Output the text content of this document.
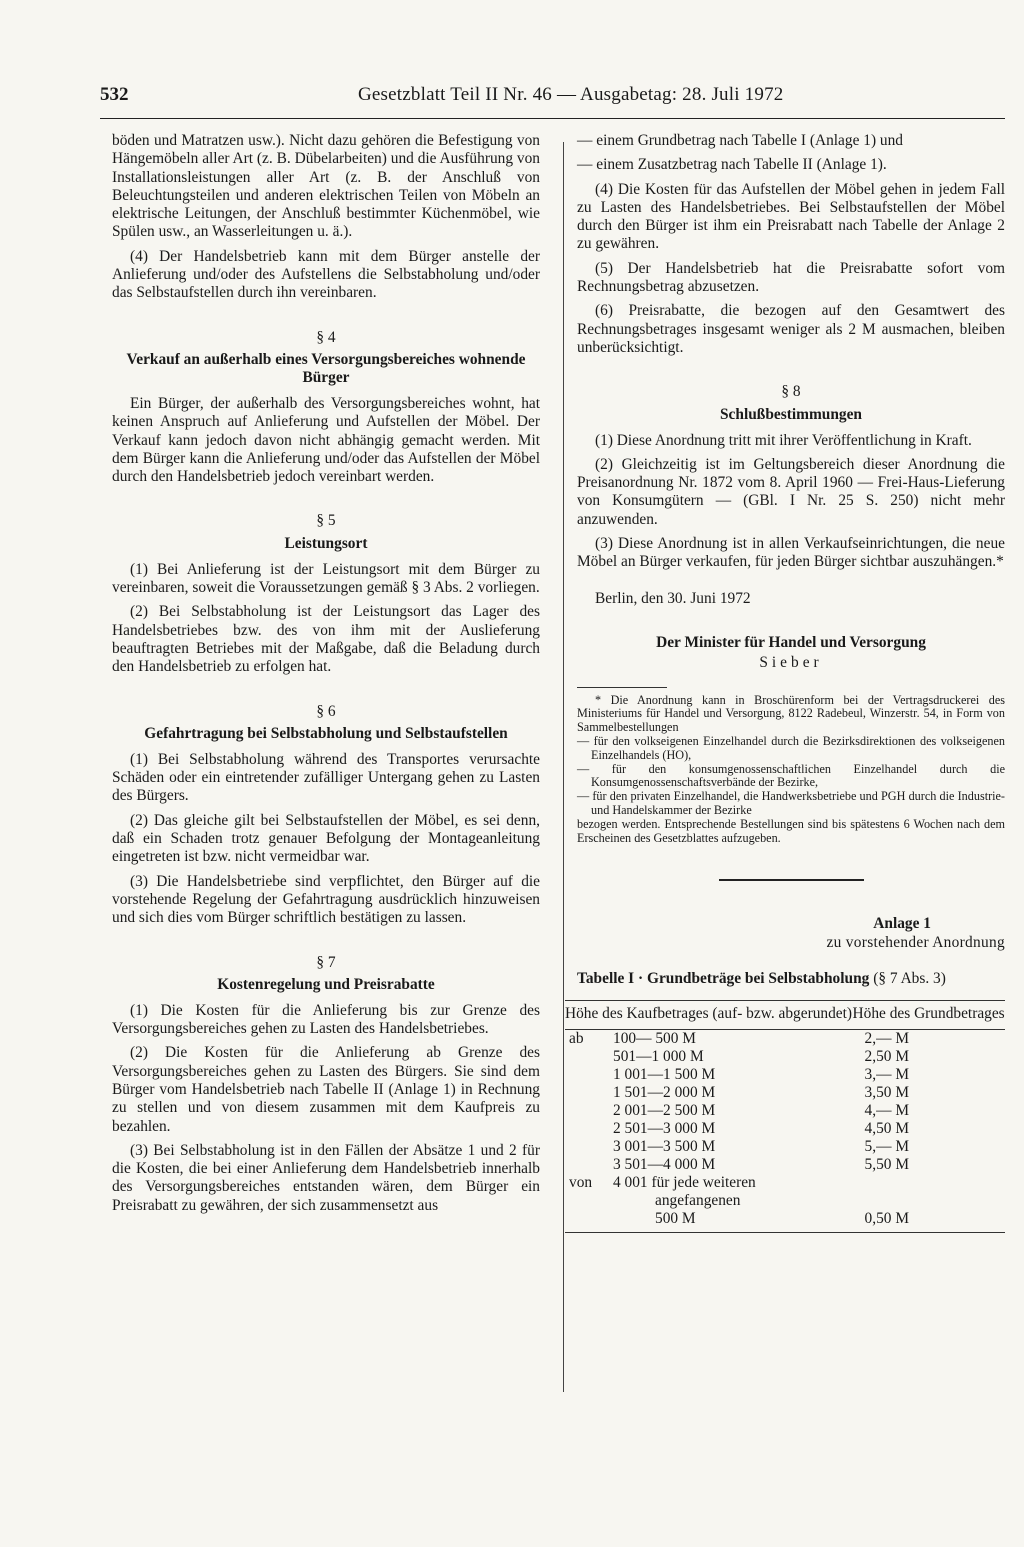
532	Gesetzblatt Teil II Nr. 46 — Ausgabetag: 28. Juli 1972

böden und Matratzen usw.). Nicht dazu gehören die Befestigung von Hängemöbeln aller Art (z. B. Dübelarbeiten) und die Ausführung von Installationsleistungen aller Art (z. B. der Anschluß von Beleuchtungsteilen und anderen elektrischen Teilen von Möbeln an elektrische Leitungen, der Anschluß bestimmter Küchenmöbel, wie Spülen usw., an Wasserleitungen u. ä.).

(4) Der Handelsbetrieb kann mit dem Bürger anstelle der Anlieferung und/oder des Aufstellens die Selbstabholung und/oder das Selbstaufstellen durch ihn vereinbaren.

§ 4
Verkauf an außerhalb eines Versorgungsbereiches wohnende Bürger

Ein Bürger, der außerhalb des Versorgungsbereiches wohnt, hat keinen Anspruch auf Anlieferung und Aufstellen der Möbel. Der Verkauf kann jedoch davon nicht abhängig gemacht werden. Mit dem Bürger kann die Anlieferung und/oder das Aufstellen der Möbel durch den Handelsbetrieb jedoch vereinbart werden.

§ 5
Leistungsort

(1) Bei Anlieferung ist der Leistungsort mit dem Bürger zu vereinbaren, soweit die Voraussetzungen gemäß § 3 Abs. 2 vorliegen.

(2) Bei Selbstabholung ist der Leistungsort das Lager des Handelsbetriebes bzw. des von ihm mit der Auslieferung beauftragten Betriebes mit der Maßgabe, daß die Beladung durch den Handelsbetrieb zu erfolgen hat.

§ 6
Gefahrtragung bei Selbstabholung und Selbstaufstellen

(1) Bei Selbstabholung während des Transportes verursachte Schäden oder ein eintretender zufälliger Untergang gehen zu Lasten des Bürgers.

(2) Das gleiche gilt bei Selbstaufstellen der Möbel, es sei denn, daß ein Schaden trotz genauer Befolgung der Montageanleitung eingetreten ist bzw. nicht vermeidbar war.

(3) Die Handelsbetriebe sind verpflichtet, den Bürger auf die vorstehende Regelung der Gefahrtragung ausdrücklich hinzuweisen und sich dies vom Bürger schriftlich bestätigen zu lassen.

§ 7
Kostenregelung und Preisrabatte

(1) Die Kosten für die Anlieferung bis zur Grenze des Versorgungsbereiches gehen zu Lasten des Handelsbetriebes.

(2) Die Kosten für die Anlieferung ab Grenze des Versorgungsbereiches gehen zu Lasten des Bürgers. Sie sind dem Bürger vom Handelsbetrieb nach Tabelle II (Anlage 1) in Rechnung zu stellen und von diesem zusammen mit dem Kaufpreis zu bezahlen.

(3) Bei Selbstabholung ist in den Fällen der Absätze 1 und 2 für die Kosten, die bei einer Anlieferung dem Handelsbetrieb innerhalb des Versorgungsbereiches entstanden wären, dem Bürger ein Preisrabatt zu gewähren, der sich zusammensetzt aus

— einem Grundbetrag nach Tabelle I (Anlage 1) und

— einem Zusatzbetrag nach Tabelle II (Anlage 1).

(4) Die Kosten für das Aufstellen der Möbel gehen in jedem Fall zu Lasten des Handelsbetriebes. Bei Selbstaufstellen der Möbel durch den Bürger ist ihm ein Preisrabatt nach Tabelle der Anlage 2 zu gewähren.

(5) Der Handelsbetrieb hat die Preisrabatte sofort vom Rechnungsbetrag abzusetzen.

(6) Preisrabatte, die bezogen auf den Gesamtwert des Rechnungsbetrages insgesamt weniger als 2 M ausmachen, bleiben unberücksichtigt.

§ 8
Schlußbestimmungen

(1) Diese Anordnung tritt mit ihrer Veröffentlichung in Kraft.

(2) Gleichzeitig ist im Geltungsbereich dieser Anordnung die Preisanordnung Nr. 1872 vom 8. April 1960 — Frei-Haus-Lieferung von Konsumgütern — (GBl. I Nr. 25 S. 250) nicht mehr anzuwenden.

(3) Diese Anordnung ist in allen Verkaufseinrichtungen, die neue Möbel an Bürger verkaufen, für jeden Bürger sichtbar auszuhängen.*

Berlin, den 30. Juni 1972

Der Minister für Handel und Versorgung
Sieber

* Die Anordnung kann in Broschürenform bei der Vertragsdruckerei des Ministeriums für Handel und Versorgung, 8122 Radebeul, Winzerstr. 54, in Form von Sammelbestellungen

— für den volkseigenen Einzelhandel durch die Bezirksdirektionen des volkseigenen Einzelhandels (HO),

— für den konsumgenossenschaftlichen Einzelhandel durch die Konsumgenossenschaftsverbände der Bezirke,

— für den privaten Einzelhandel, die Handwerksbetriebe und PGH durch die Industrie- und Handelskammer der Bezirke

bezogen werden. Entsprechende Bestellungen sind bis spätestens 6 Wochen nach dem Erscheinen des Gesetzblattes aufzugeben.

Anlage 1
zu vorstehender Anordnung
Tabelle I · Grundbeträge bei Selbstabholung (§ 7 Abs. 3)
Höhe des Kaufbetrages (auf- bzw. abgerundet)		Höhe des Grundbetrages
ab	100— 500 M	2,— M
	501—1 000 M	2,50 M
	1 001—1 500 M	3,— M
	1 501—2 000 M	3,50 M
	2 001—2 500 M	4,— M
	2 501—3 000 M	4,50 M
	3 001—3 500 M	5,— M
	3 501—4 000 M	5,50 M
von	4 001 für jede weiteren	
	angefangenen	
	500 M	0,50 M
